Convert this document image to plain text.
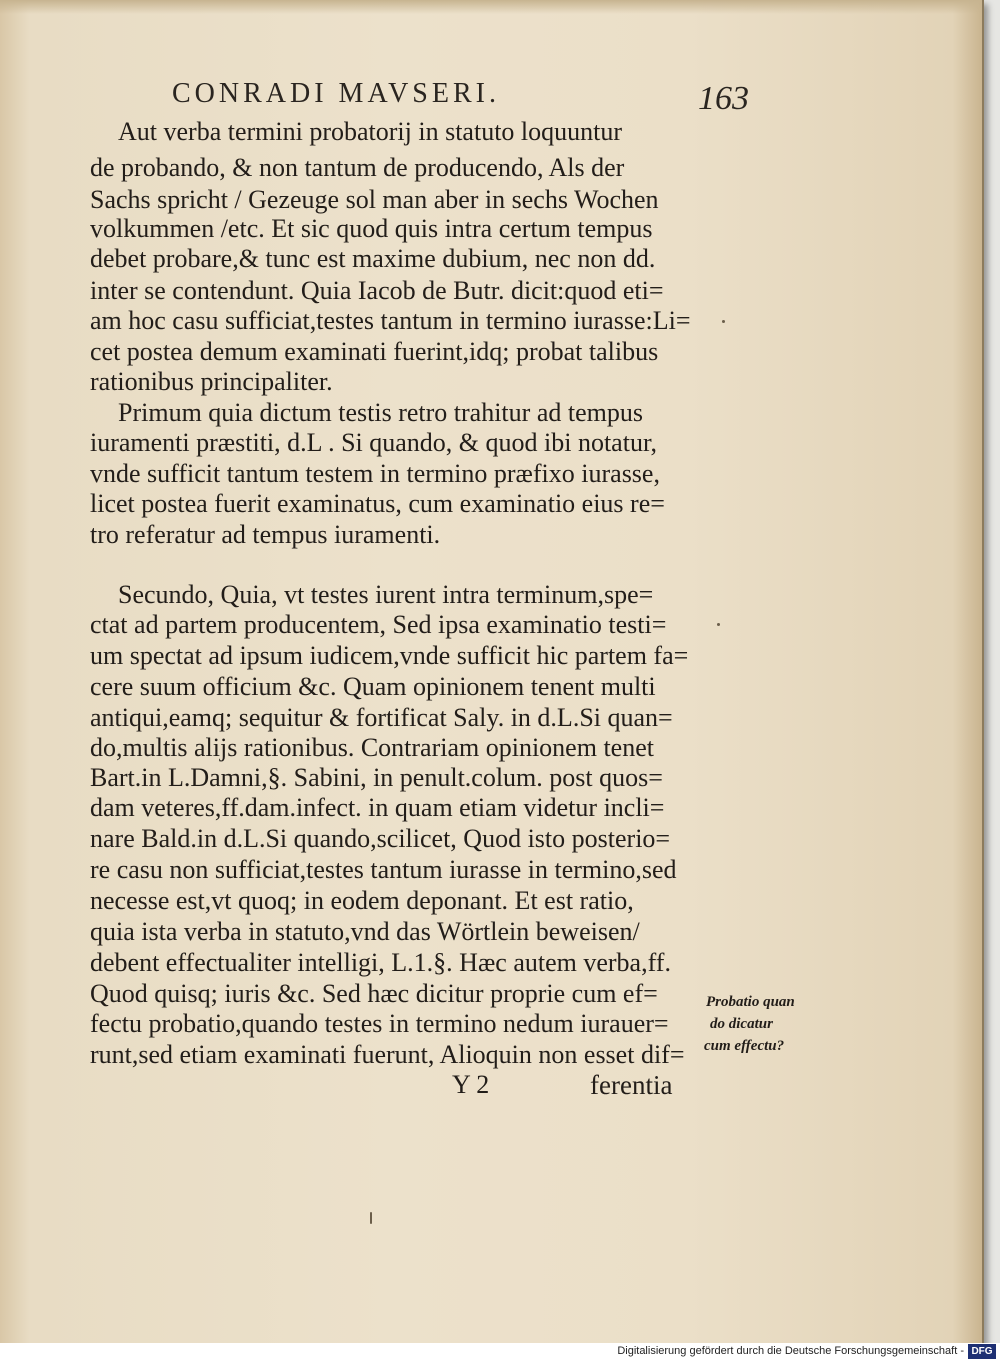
CONRADI MAVSERI.	163
Aut verba termini probatorij in statuto loquuntur
de probando, & non tantum de producendo, Als der
Sachs spricht / Gezeuge sol man aber in sechs Wochen
volkummen /etc. Et sic quod quis intra certum tempus
debet probare,& tunc est maxime dubium, nec non dd.
inter se contendunt. Quia Iacob de Butr. dicit:quod eti=
am hoc casu sufficiat,testes tantum in termino iurasse:Li=
cet postea demum examinati fuerint,idq; probat talibus
rationibus principaliter.
Primum quia dictum testis retro trahitur ad tempus
iuramenti præstiti, d.L . Si quando, & quod ibi notatur,
vnde sufficit tantum testem in termino præfixo iurasse,
licet postea fuerit examinatus, cum examinatio eius re=
tro referatur ad tempus iuramenti.
Secundo, Quia, vt testes iurent intra terminum,spe=
ctat ad partem producentem, Sed ipsa examinatio testi=
um spectat ad ipsum iudicem,vnde sufficit hic partem fa=
cere suum officium &c. Quam opinionem tenent multi
antiqui,eamq; sequitur & fortificat Saly. in d.L.Si quan=
do,multis alijs rationibus. Contrariam opinionem tenet
Bart.in L.Damni,§. Sabini, in penult.colum. post quos=
dam veteres,ff.dam.infect. in quam etiam videtur incli=
nare Bald.in d.L.Si quando,scilicet, Quod isto posterio=
re casu non sufficiat,testes tantum iurasse in termino,sed
necesse est,vt quoq; in eodem deponant. Et est ratio,
quia ista verba in statuto,vnd das Wörtlein beweisen/
debent effectualiter intelligi, L.1.§. Hæc autem verba,ff.
Quod quisq; iuris &c. Sed hæc dicitur proprie cum ef=
fectu probatio,quando testes in termino nedum iurauer=
runt,sed etiam examinati fuerunt, Alioquin non esset dif=
Probatio quan
do dicatur
cum effectu?
Y 2	ferentia
Digitalisierung gefördert durch die Deutsche Forschungsgemeinschaft - DFG
